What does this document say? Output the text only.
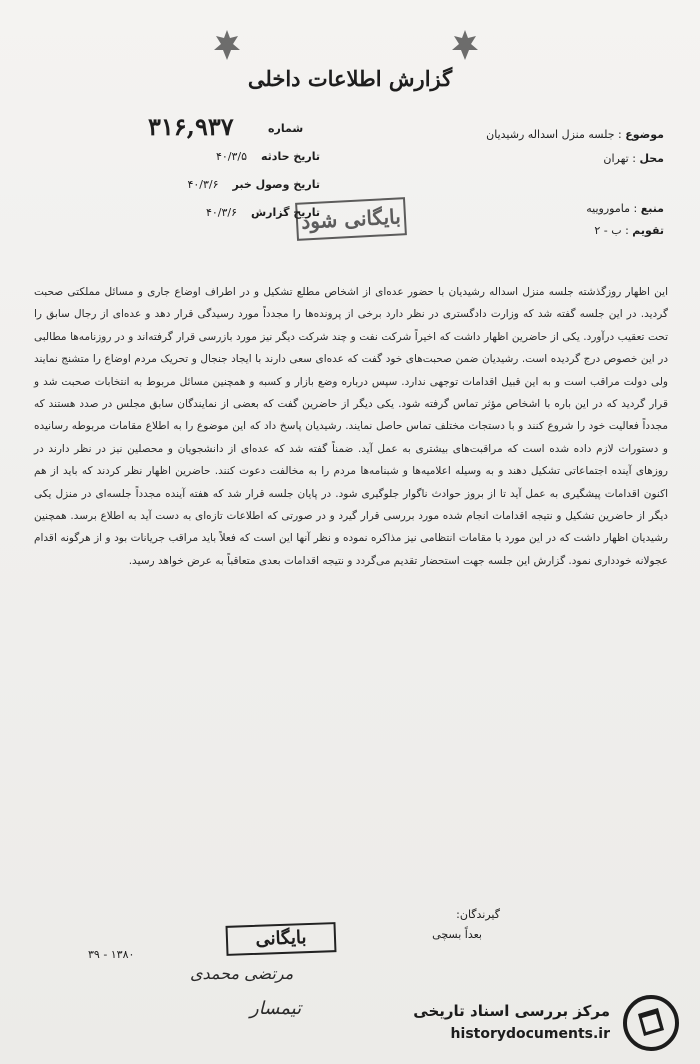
گزارش اطلاعات داخلی
۳۱۶,۹۳۷	شماره	موضوع : جلسه منزل اسداله رشیدیان
محل : تهران
منبع : ماموروییه
تقویم : ب - ۲
تاریخ حادثه    ۴۰/۳/۵
تاریخ وصول خبر    ۴۰/۳/۶
تاریخ گزارش    ۴۰/۳/۶	بایگانی شود

این اظهار روزگذشته جلسه منزل اسداله رشیدیان با حضور عده‌ای از اشخاص مطلع تشکیل و در اطراف اوضاع جاری و مسائل مملکتی صحبت گردید. در این جلسه گفته شد که وزارت دادگستری در نظر دارد برخی از پرونده‌ها را مجدداً مورد رسیدگی قرار دهد و عده‌ای از رجال سابق را تحت تعقیب درآورد. یکی از حاضرین اظهار داشت که اخیراً شرکت نفت و چند شرکت دیگر نیز مورد بازرسی قرار گرفته‌اند و در روزنامه‌ها مطالبی در این خصوص درج گردیده است. رشیدیان ضمن صحبت‌های خود گفت که عده‌ای سعی دارند با ایجاد جنجال و تحریک مردم اوضاع را متشنج نمایند ولی دولت مراقب است و به این قبیل اقدامات توجهی ندارد. سپس درباره وضع بازار و کسبه و همچنین مسائل مربوط به انتخابات صحبت شد و قرار گردید که در این باره با اشخاص مؤثر تماس گرفته شود. یکی دیگر از حاضرین گفت که بعضی از نمایندگان سابق مجلس در صدد هستند که مجدداً فعالیت خود را شروع کنند و با دستجات مختلف تماس حاصل نمایند. رشیدیان پاسخ داد که این موضوع را به اطلاع مقامات مربوطه رسانیده و دستورات لازم داده شده است که مراقبت‌های بیشتری به عمل آید. ضمناً گفته شد که عده‌ای از دانشجویان و محصلین نیز در نظر دارند در روزهای آینده اجتماعاتی تشکیل دهند و به وسیله اعلامیه‌ها و شبنامه‌ها مردم را به مخالفت دعوت کنند. حاضرین اظهار نظر کردند که باید از هم اکنون اقدامات پیشگیری به عمل آید تا از بروز حوادث ناگوار جلوگیری شود. در پایان جلسه قرار شد که هفته آینده مجدداً جلسه‌ای در منزل یکی دیگر از حاضرین تشکیل و نتیجه اقدامات انجام شده مورد بررسی قرار گیرد و در صورتی که اطلاعات تازه‌ای به دست آید به اطلاع برسد. همچنین رشیدیان اظهار داشت که در این مورد با مقامات انتظامی نیز مذاکره نموده و نظر آنها این است که فعلاً باید مراقب جریانات بود و از هرگونه اقدام عجولانه خودداری نمود. گزارش این جلسه جهت استحضار تقدیم می‌گردد و نتیجه اقدامات بعدی متعاقباً به عرض خواهد رسید.

گیرندگان:
بعداً بسچی
بایگانی
۳۹ - ۱۳۸۰
مرتضی محمدی
تیمسار	مرکز بررسی اسناد تاریخی
historydocuments.ir
